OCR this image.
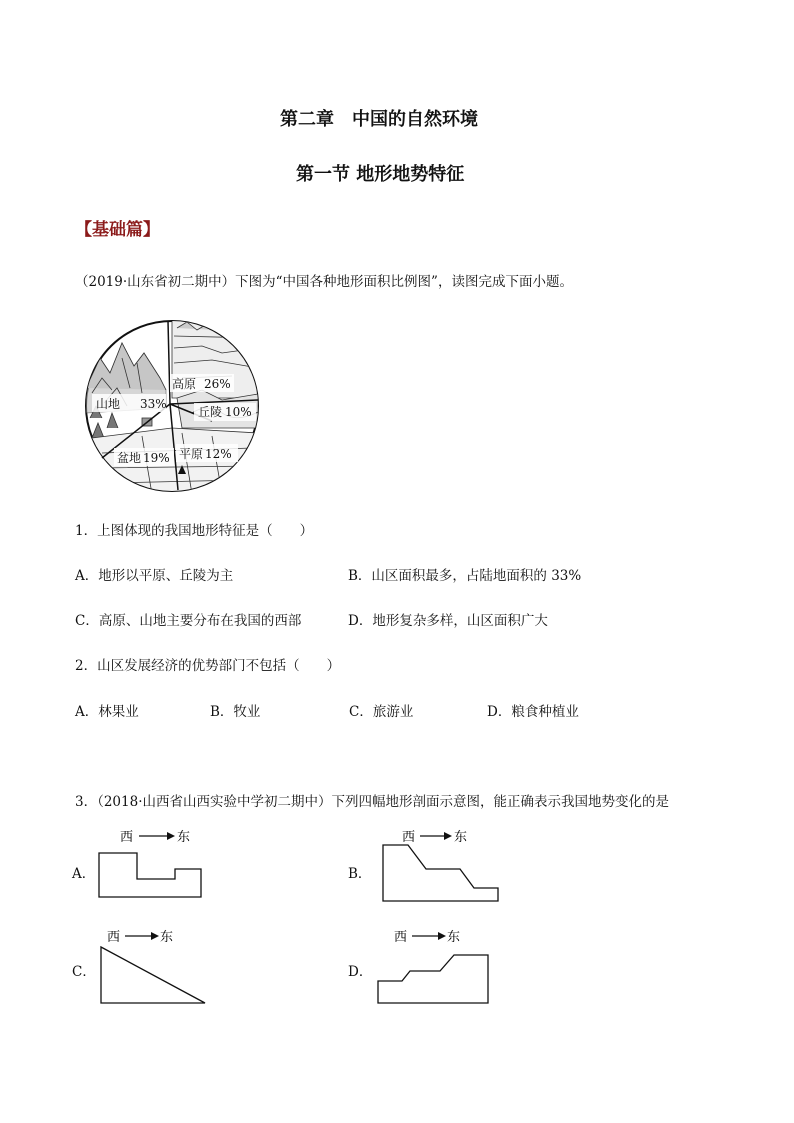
第二章　中国的自然环境
第一节 地形地势特征
【基础篇】
（2019·山东省初二期中）下图为“中国各种地形面积比例图”，读图完成下面小题。
高原 26%
山地 33%
丘陵 10%
盆地 19% 平原 12%
1．上图体现的我国地形特征是（　　）
A．地形以平原、丘陵为主	B．山区面积最多，占陆地面积的 33%
C．高原、山地主要分布在我国的西部	D．地形复杂多样，山区面积广大
2．山区发展经济的优势部门不包括（　　）
A．林果业	B．牧业	C．旅游业	D．粮食种植业
3．（2018·山西省山西实验中学初二期中）下列四幅地形剖面示意图，能正确表示我国地势变化的是
A．
西	东
B．
西	东
C．
西	东
D．
西	东
